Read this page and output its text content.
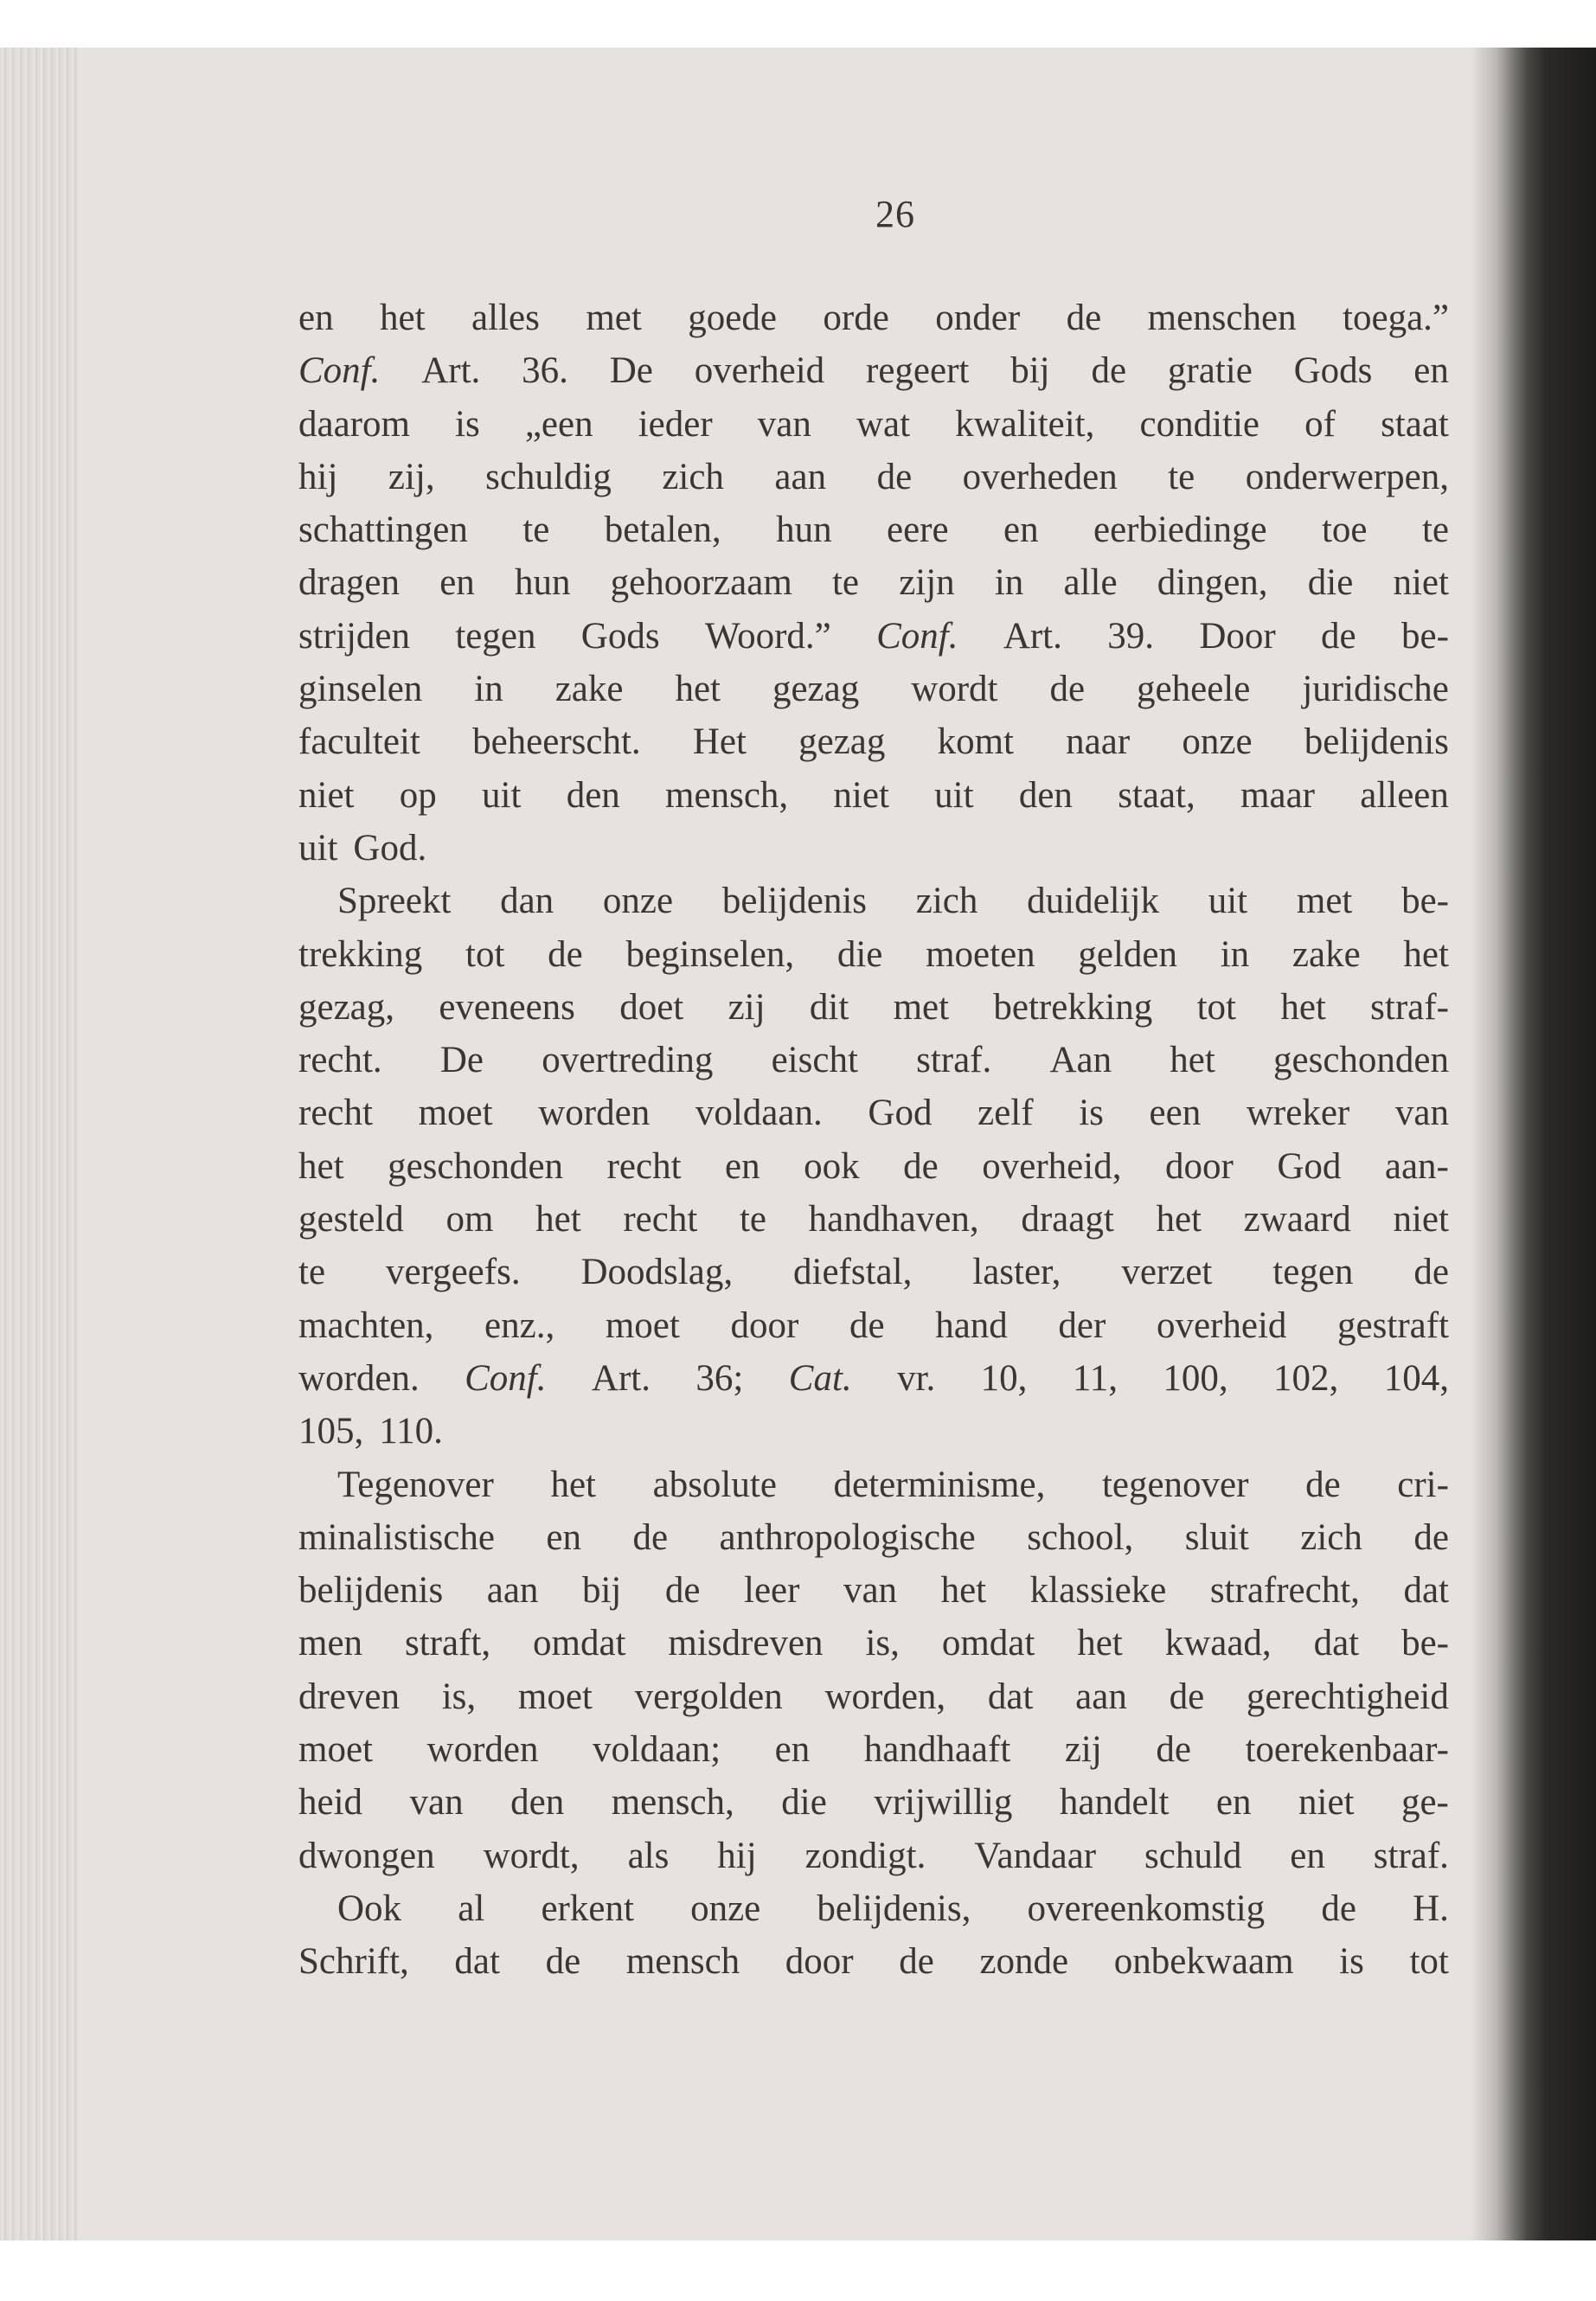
26
en het alles met goede orde onder de menschen toega.”
Conf. Art. 36. De overheid regeert bij de gratie Gods en
daarom is „een ieder van wat kwaliteit, conditie of staat
hij zij, schuldig zich aan de overheden te onderwerpen,
schattingen te betalen, hun eere en eerbiedinge toe te
dragen en hun gehoorzaam te zijn in alle dingen, die niet
strijden tegen Gods Woord.” Conf. Art. 39. Door de be-
ginselen in zake het gezag wordt de geheele juridische
faculteit beheerscht. Het gezag komt naar onze belijdenis
niet op uit den mensch, niet uit den staat, maar alleen
uit God.
Spreekt dan onze belijdenis zich duidelijk uit met be-
trekking tot de beginselen, die moeten gelden in zake het
gezag, eveneens doet zij dit met betrekking tot het straf-
recht. De overtreding eischt straf. Aan het geschonden
recht moet worden voldaan. God zelf is een wreker van
het geschonden recht en ook de overheid, door God aan-
gesteld om het recht te handhaven, draagt het zwaard niet
te vergeefs. Doodslag, diefstal, laster, verzet tegen de
machten, enz., moet door de hand der overheid gestraft
worden. Conf. Art. 36; Cat. vr. 10, 11, 100, 102, 104,
105, 110.
Tegenover het absolute determinisme, tegenover de cri-
minalistische en de anthropologische school, sluit zich de
belijdenis aan bij de leer van het klassieke strafrecht, dat
men straft, omdat misdreven is, omdat het kwaad, dat be-
dreven is, moet vergolden worden, dat aan de gerechtigheid
moet worden voldaan; en handhaaft zij de toerekenbaar-
heid van den mensch, die vrijwillig handelt en niet ge-
dwongen wordt, als hij zondigt. Vandaar schuld en straf.
Ook al erkent onze belijdenis, overeenkomstig de H.
Schrift, dat de mensch door de zonde onbekwaam is tot
